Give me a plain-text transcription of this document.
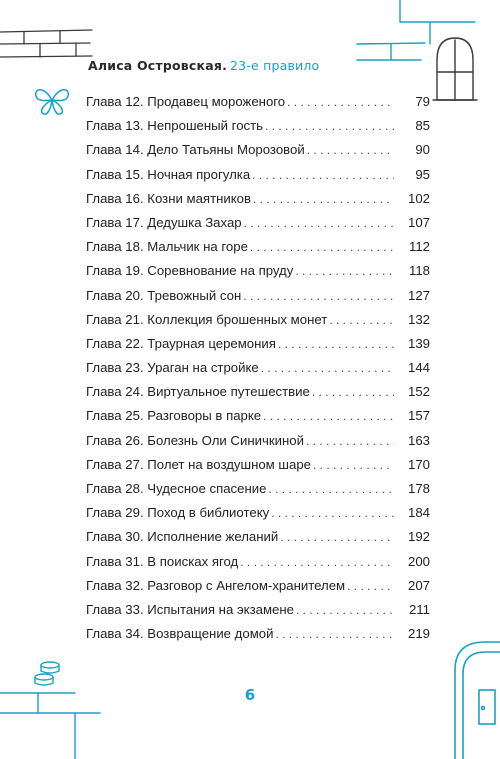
Алиса Островская. 23-е правило
Глава 12. Продавец мороженого . . .	79
Глава 13. Непрошеный гость . . .	85
Глава 14. Дело Татьяны Морозовой . . .	90
Глава 15. Ночная прогулка . . .	95
Глава 16. Козни маятников . . .	102
Глава 17. Дедушка Захар . . .	107
Глава 18. Мальчик на горе . . .	112
Глава 19. Соревнование на пруду . . .	118
Глава 20. Тревожный сон . . .	127
Глава 21. Коллекция брошенных монет . . .	132
Глава 22. Траурная церемония . . .	139
Глава 23. Ураган на стройке . . .	144
Глава 24. Виртуальное путешествие . . .	152
Глава 25. Разговоры в парке . . .	157
Глава 26. Болезнь Оли Синичкиной . . .	163
Глава 27. Полет на воздушном шаре . . .	170
Глава 28. Чудесное спасение . . .	178
Глава 29. Поход в библиотеку . . .	184
Глава 30. Исполнение желаний . . .	192
Глава 31. В поисках ягод . . .	200
Глава 32. Разговор с Ангелом-хранителем . . .	207
Глава 33. Испытания на экзамене . . .	211
Глава 34. Возвращение домой . . .	219
6
